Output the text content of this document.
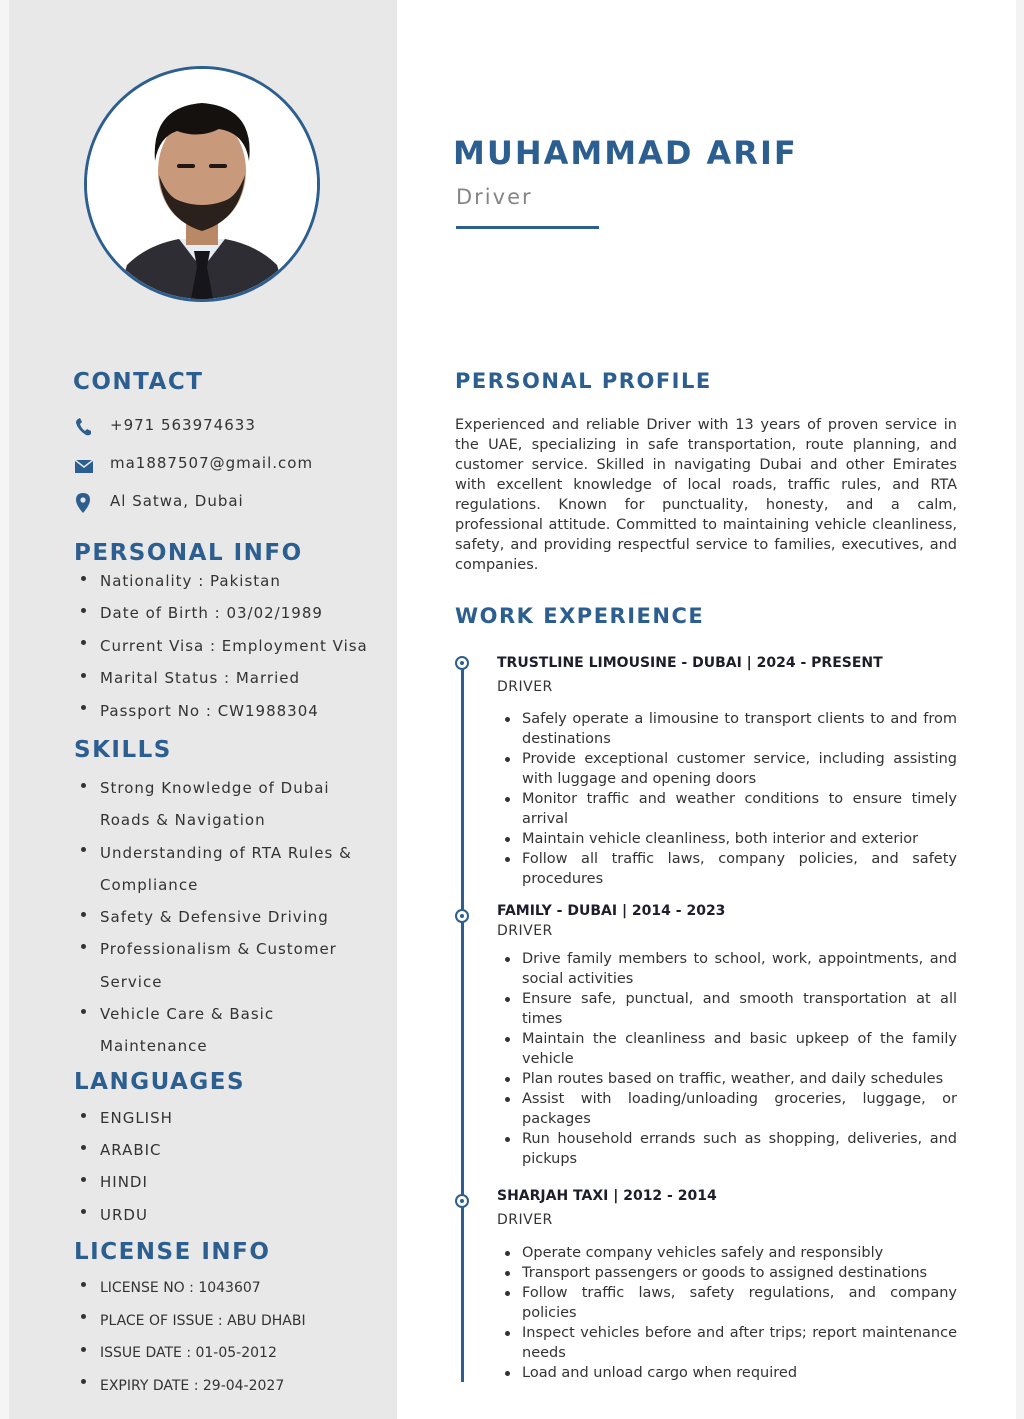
MUHAMMAD ARIF
Driver
CONTACT
+971 563974633
ma1887507@gmail.com
Al Satwa, Dubai
PERSONAL INFO
Nationality : Pakistan
Date of Birth : 03/02/1989
Current Visa : Employment Visa
Marital Status : Married
Passport No : CW1988304
SKILLS
Strong Knowledge of Dubai
Roads & Navigation
Understanding of RTA Rules &
Compliance
Safety & Defensive Driving
Professionalism & Customer
Service
Vehicle Care & Basic
Maintenance
LANGUAGES
ENGLISH
ARABIC
HINDI
URDU
LICENSE INFO
LICENSE NO : 1043607
PLACE OF ISSUE : ABU DHABI
ISSUE DATE : 01-05-2012
EXPIRY DATE : 29-04-2027
PERSONAL PROFILE

Experienced and reliable Driver with 13 years of proven service in the UAE, specializing in safe transportation, route planning, and customer service. Skilled in navigating Dubai and other Emirates with excellent knowledge of local roads, traffic rules, and RTA regulations. Known for punctuality, honesty, and a calm, professional attitude. Committed to maintaining vehicle cleanliness, safety, and providing respectful service to families, executives, and companies.

WORK EXPERIENCE
TRUSTLINE LIMOUSINE - DUBAI | 2024 - PRESENT
DRIVER
Safely operate a limousine to transport clients to and from destinations
Provide exceptional customer service, including assisting with luggage and opening doors
Monitor traffic and weather conditions to ensure timely arrival
Maintain vehicle cleanliness, both interior and exterior
Follow all traffic laws, company policies, and safety procedures
FAMILY - DUBAI | 2014 - 2023
DRIVER
Drive family members to school, work, appointments, and social activities
Ensure safe, punctual, and smooth transportation at all times
Maintain the cleanliness and basic upkeep of the family vehicle
Plan routes based on traffic, weather, and daily schedules
Assist with loading/unloading groceries, luggage, or packages
Run household errands such as shopping, deliveries, and pickups
SHARJAH TAXI | 2012 - 2014
DRIVER
Operate company vehicles safely and responsibly
Transport passengers or goods to assigned destinations
Follow traffic laws, safety regulations, and company policies
Inspect vehicles before and after trips; report maintenance needs
Load and unload cargo when required
